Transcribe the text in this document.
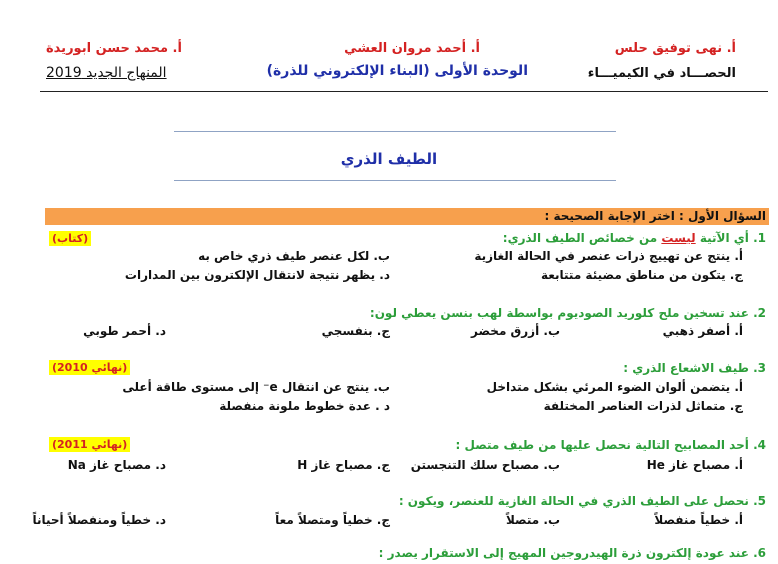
أ. نهى توفيق حلس
أ. أحمد مروان العشي
أ. محمد حسن ابوريدة
الحصـــاد في الكيميـــاء
الوحدة الأولى (البناء الإلكتروني للذرة)
المنهاج الجديد 2019
الطيف الذري
السؤال الأول : اختر الإجابة الصحيحة :
1. أي الآتية ليست من خصائص الطيف الذري:
(كتاب)
أ. ينتج عن تهييج ذرات عنصر في الحالة الغازية
ب. لكل عنصر طيف ذري خاص به
ج. يتكون من مناطق مضيئة متتابعة
د. يظهر نتيجة لانتقال الإلكترون بين المدارات
2. عند تسخين ملح كلوريد الصوديوم بواسطة لهب بنسن يعطي لون:
أ. أصفر ذهبي
ب. أزرق مخضر
ج. بنفسجي
د. أحمر طوبي
3. طيف الاشعاع الذري :
(نهائي 2010)
أ. يتضمن ألوان الضوء المرئي بشكل متداخل
ب. ينتج عن انتقال e⁻ إلى مستوى طاقة أعلى
ج. متماثل لذرات العناصر المختلفة
د . عدة خطوط ملونة منفصلة
4. أحد المصابيح التالية نحصل عليها من طيف متصل :
(نهائي 2011)
أ. مصباح غاز He
ب. مصباح سلك التنجستن
ج. مصباح غاز H
د. مصباح غاز Na
5. نحصل على الطيف الذري في الحالة الغازية للعنصر، ويكون :
أ. خطياً منفصلاً
ب. متصلاً
ج. خطياً ومتصلاً معاً
د. خطياً ومنفصلاً أحياناً
6. عند عودة إلكترون ذرة الهيدروجين المهيج إلى الاستقرار يصدر :
